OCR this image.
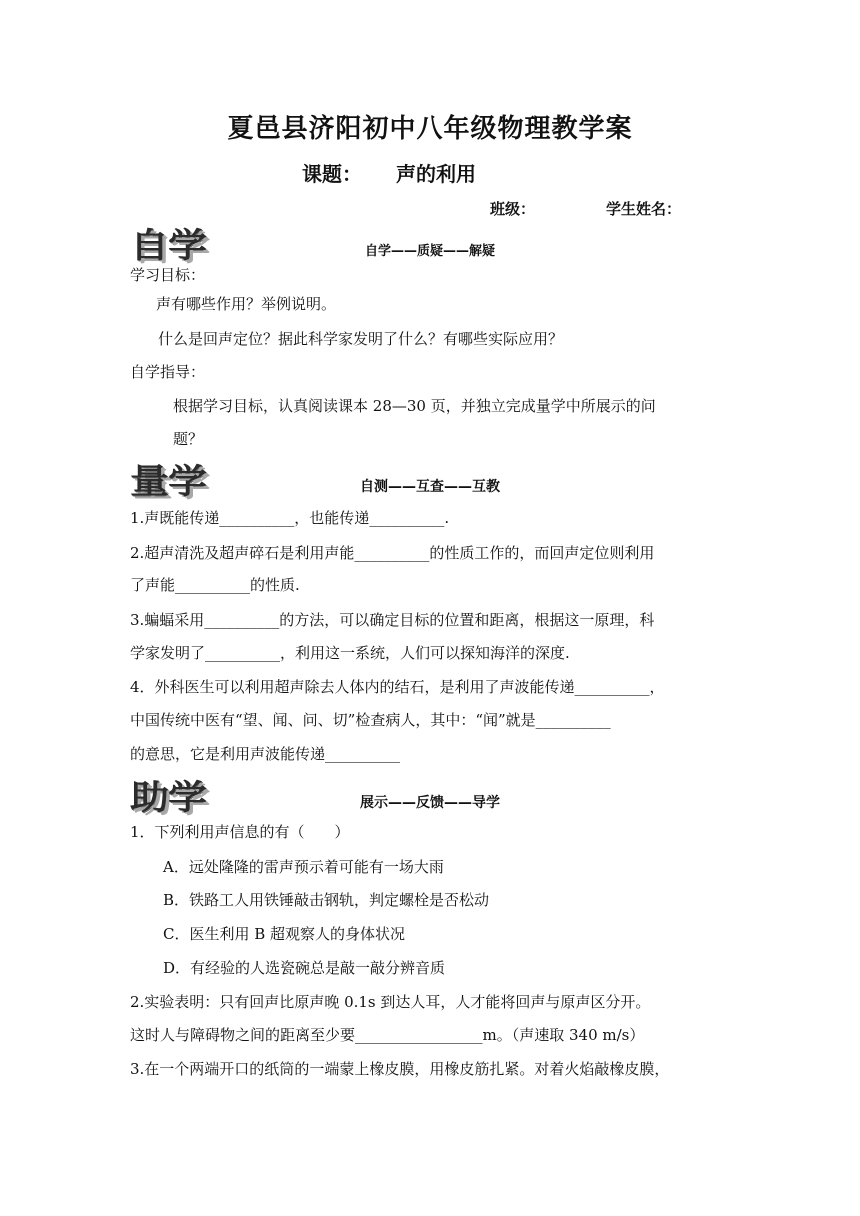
夏邑县济阳初中八年级物理教学案
课题： 声的利用
班级：	学生姓名：
自学	自学——质疑——解疑
学习目标：
声有哪些作用？举例说明。
什么是回声定位？据此科学家发明了什么？有哪些实际应用？
自学指导：
根据学习目标，认真阅读课本 28—30 页，并独立完成量学中所展示的问
题？
量学	自测——互查——互教
1.声既能传递__________，也能传递__________.
2.超声清洗及超声碎石是利用声能__________的性质工作的，而回声定位则利用
了声能__________的性质.
3.蝙蝠采用__________的方法，可以确定目标的位置和距离，根据这一原理，科
学家发明了__________，利用这一系统，人们可以探知海洋的深度.
4．外科医生可以利用超声除去人体内的结石，是利用了声波能传递__________，
中国传统中医有“望、闻、问、切”检查病人，其中：“闻”就是__________
的意思，它是利用声波能传递__________
助学	展示——反馈——导学
1．下列利用声信息的有（　　）
A．远处隆隆的雷声预示着可能有一场大雨
B．铁路工人用铁锤敲击钢轨，判定螺栓是否松动
C．医生利用 B 超观察人的身体状况
D．有经验的人选瓷碗总是敲一敲分辨音质
2.实验表明：只有回声比原声晚 0.1s 到达人耳，人才能将回声与原声区分开。
这时人与障碍物之间的距离至少要_________________m。（声速取 340 m/s）
3.在一个两端开口的纸筒的一端蒙上橡皮膜，用橡皮筋扎紧。对着火焰敲橡皮膜，
